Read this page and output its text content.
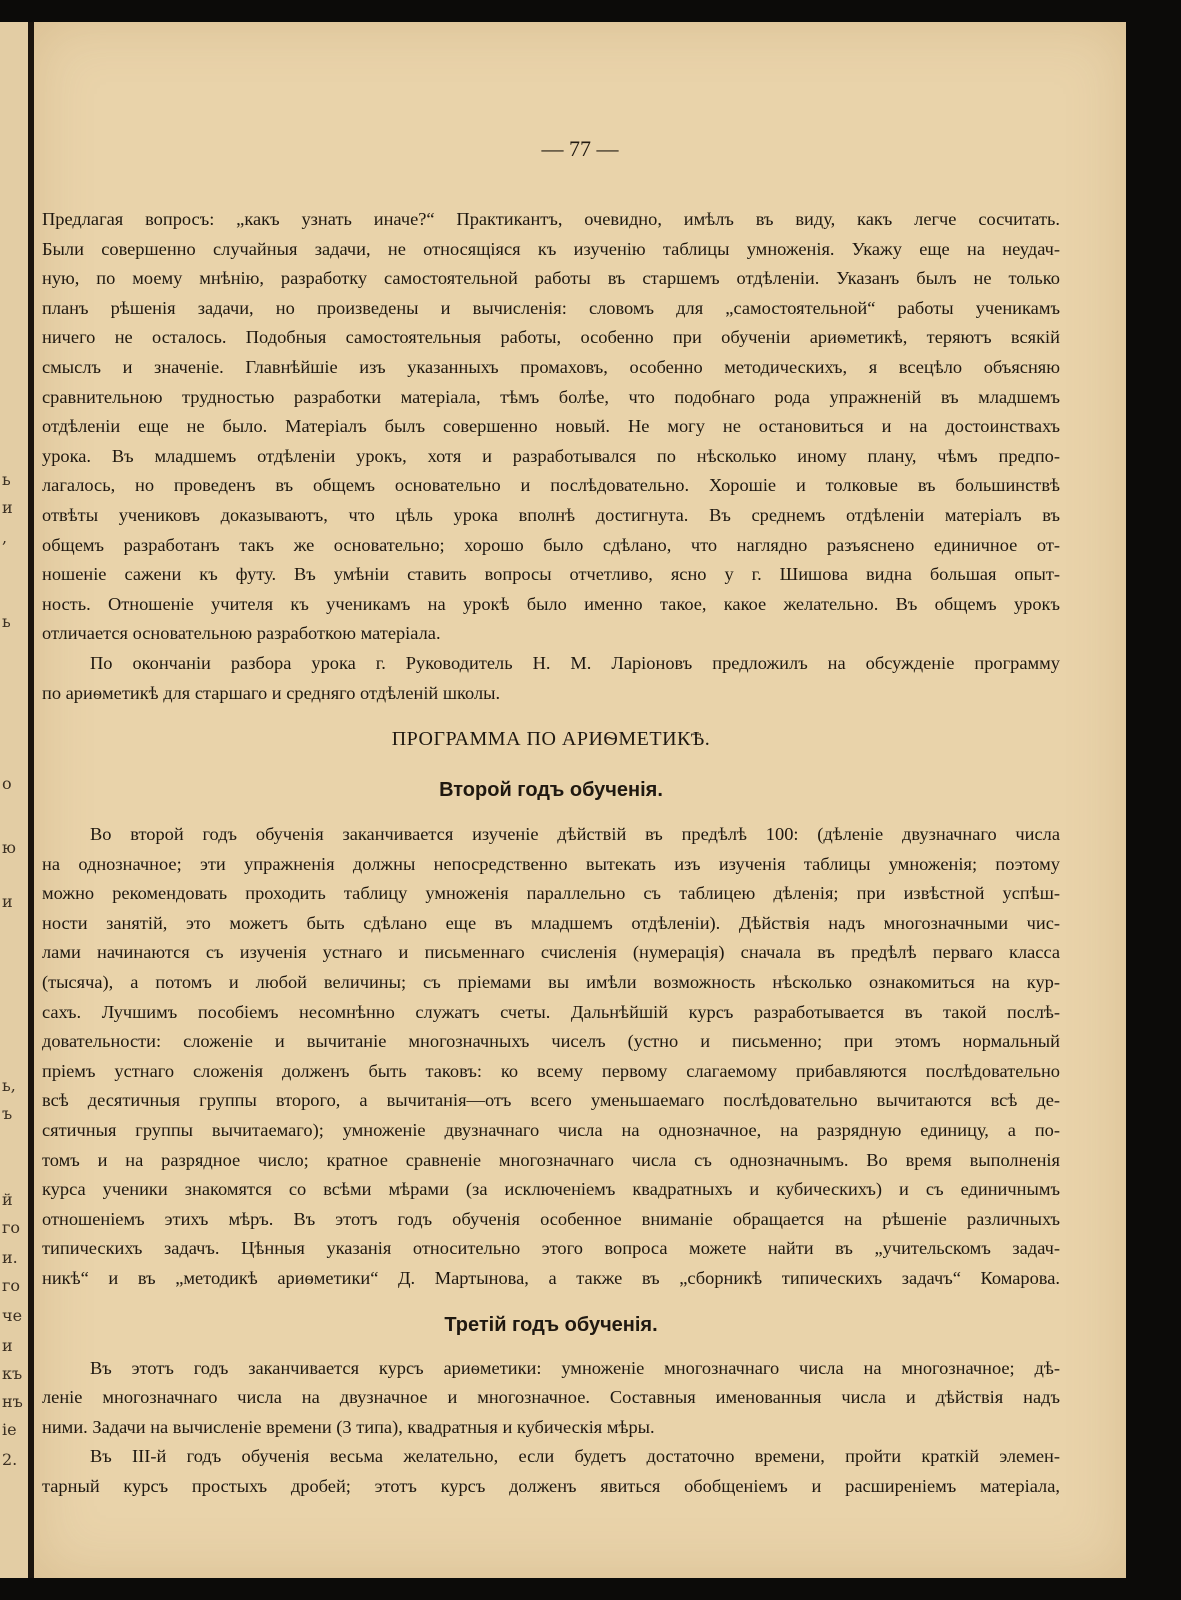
ь
и
,
ь
о
ю
и
ь,
ъ
й
го
и.
го
че
и
къ
нъ
іе
2.
— 77 —
Предлагая вопросъ: „какъ узнать иначе?“ Практикантъ, очевидно, имѣлъ въ виду, какъ легче сосчитать.
Были совершенно случайныя задачи, не относящіяся къ изученію таблицы умноженія. Укажу еще на неудач-
ную, по моему мнѣнію, разработку самостоятельной работы въ старшемъ отдѣленіи. Указанъ былъ не только
планъ рѣшенія задачи, но произведены и вычисленія: словомъ для „самостоятельной“ работы ученикамъ
ничего не осталось. Подобныя самостоятельныя работы, особенно при обученіи ариѳметикѣ, теряютъ всякій
смыслъ и значеніе. Главнѣйшіе изъ указанныхъ промаховъ, особенно методическихъ, я всецѣло объясняю
сравнительною трудностью разработки матеріала, тѣмъ болѣе, что подобнаго рода упражненій въ младшемъ
отдѣленіи еще не было. Матеріалъ былъ совершенно новый. Не могу не остановиться и на достоинствахъ
урока. Въ младшемъ отдѣленіи урокъ, хотя и разработывался по нѣсколько иному плану, чѣмъ предпо-
лагалось, но проведенъ въ общемъ основательно и послѣдовательно. Хорошіе и толковые въ большинствѣ
отвѣты учениковъ доказываютъ, что цѣль урока вполнѣ достигнута. Въ среднемъ отдѣленіи матеріалъ въ
общемъ разработанъ такъ же основательно; хорошо было сдѣлано, что наглядно разъяснено единичное от-
ношеніе сажени къ футу. Въ умѣніи ставить вопросы отчетливо, ясно у г. Шишова видна большая опыт-
ность. Отношеніе учителя къ ученикамъ на урокѣ было именно такое, какое желательно. Въ общемъ урокъ
отличается основательною разработкою матеріала.
По окончаніи разбора урока г. Руководитель Н. М. Ларіоновъ предложилъ на обсужденіе программу
по ариѳметикѣ для старшаго и средняго отдѣленій школы.
ПРОГРАММА ПО АРИѲМЕТИКѢ.
Второй годъ обученія.
Во второй годъ обученія заканчивается изученіе дѣйствій въ предѣлѣ 100: (дѣленіе двузначнаго числа
на однозначное; эти упражненія должны непосредственно вытекать изъ изученія таблицы умноженія; поэтому
можно рекомендовать проходить таблицу умноженія параллельно съ таблицею дѣленія; при извѣстной успѣш-
ности занятій, это можетъ быть сдѣлано еще въ младшемъ отдѣленіи). Дѣйствія надъ многозначными чис-
лами начинаются съ изученія устнаго и письменнаго счисленія (нумерація) сначала въ предѣлѣ перваго класса
(тысяча), а потомъ и любой величины; съ пріемами вы имѣли возможность нѣсколько ознакомиться на кур-
сахъ. Лучшимъ пособіемъ несомнѣнно служатъ счеты. Дальнѣйшій курсъ разработывается въ такой послѣ-
довательности: сложеніе и вычитаніе многозначныхъ чиселъ (устно и письменно; при этомъ нормальный
пріемъ устнаго сложенія долженъ быть таковъ: ко всему первому слагаемому прибавляются послѣдовательно
всѣ десятичныя группы второго, а вычитанія—отъ всего уменьшаемаго послѣдовательно вычитаются всѣ де-
сятичныя группы вычитаемаго); умноженіе двузначнаго числа на однозначное, на разрядную единицу, а по-
томъ и на разрядное число; кратное сравненіе многозначнаго числа съ однозначнымъ. Во время выполненія
курса ученики знакомятся со всѣми мѣрами (за исключеніемъ квадратныхъ и кубическихъ) и съ единичнымъ
отношеніемъ этихъ мѣръ. Въ этотъ годъ обученія особенное вниманіе обращается на рѣшеніе различныхъ
типическихъ задачъ. Цѣнныя указанія относительно этого вопроса можете найти въ „учительскомъ задач-
никѣ“ и въ „методикѣ ариѳметики“ Д. Мартынова, а также въ „сборникѣ типическихъ задачъ“ Комарова.
Третій годъ обученія.
Въ этотъ годъ заканчивается курсъ ариѳметики: умноженіе многозначнаго числа на многозначное; дѣ-
леніе многозначнаго числа на двузначное и многозначное. Составныя именованныя числа и дѣйствія надъ
ними. Задачи на вычисленіе времени (3 типа), квадратныя и кубическія мѣры.
Въ III-й годъ обученія весьма желательно, если будетъ достаточно времени, пройти краткій элемен-
тарный курсъ простыхъ дробей; этотъ курсъ долженъ явиться обобщеніемъ и расширеніемъ матеріала,
